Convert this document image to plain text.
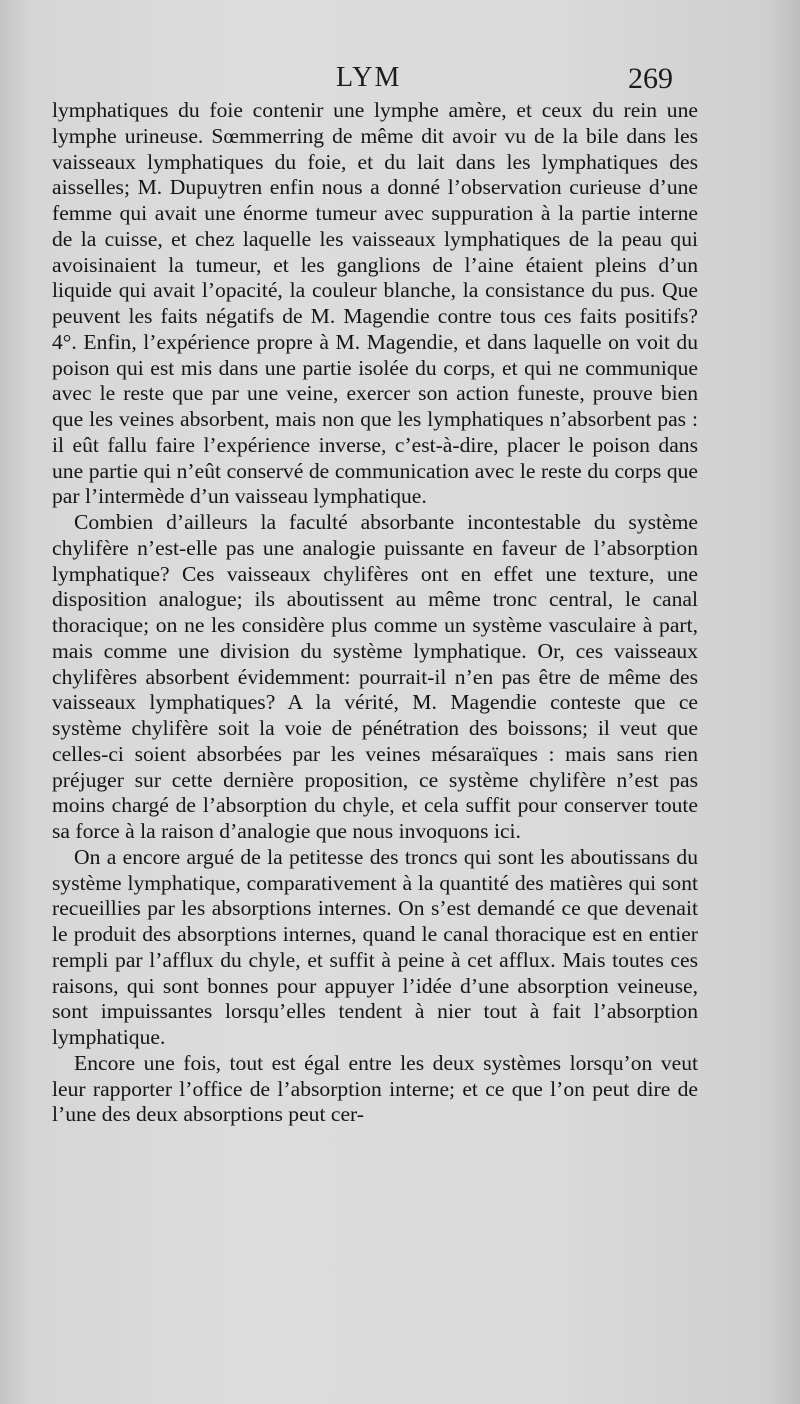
LYM	269

lymphatiques du foie contenir une lymphe amère, et ceux du rein une lymphe urineuse. Sœmmerring de même dit avoir vu de la bile dans les vaisseaux lymphatiques du foie, et du lait dans les lymphatiques des aisselles; M. Dupuytren enfin nous a donné l’observation curieuse d’une femme qui avait une énorme tumeur avec suppuration à la partie interne de la cuisse, et chez laquelle les vaisseaux lymphatiques de la peau qui avoisinaient la tumeur, et les ganglions de l’aine étaient pleins d’un liquide qui avait l’opacité, la couleur blanche, la consistance du pus. Que peuvent les faits négatifs de M. Magendie contre tous ces faits positifs? 4°. Enfin, l’expérience propre à M. Magendie, et dans laquelle on voit du poison qui est mis dans une partie isolée du corps, et qui ne communique avec le reste que par une veine, exercer son action funeste, prouve bien que les veines absorbent, mais non que les lymphatiques n’absorbent pas : il eût fallu faire l’expérience inverse, c’est-à-dire, placer le poison dans une partie qui n’eût conservé de communication avec le reste du corps que par l’intermède d’un vaisseau lymphatique.

Combien d’ailleurs la faculté absorbante incontestable du système chylifère n’est-elle pas une analogie puissante en faveur de l’absorption lymphatique? Ces vaisseaux chylifères ont en effet une texture, une disposition analogue; ils aboutissent au même tronc central, le canal thoracique; on ne les considère plus comme un système vasculaire à part, mais comme une division du système lymphatique. Or, ces vaisseaux chylifères absorbent évidemment: pourrait-il n’en pas être de même des vaisseaux lymphatiques? A la vérité, M. Magendie conteste que ce système chylifère soit la voie de pénétration des boissons; il veut que celles-ci soient absorbées par les veines mésaraïques : mais sans rien préjuger sur cette dernière proposition, ce système chylifère n’est pas moins chargé de l’absorption du chyle, et cela suffit pour conserver toute sa force à la raison d’analogie que nous invoquons ici.

On a encore argué de la petitesse des troncs qui sont les aboutissans du système lymphatique, comparativement à la quantité des matières qui sont recueillies par les absorptions internes. On s’est demandé ce que devenait le produit des absorptions internes, quand le canal thoracique est en entier rempli par l’afflux du chyle, et suffit à peine à cet afflux. Mais toutes ces raisons, qui sont bonnes pour appuyer l’idée d’une absorption veineuse, sont impuissantes lorsqu’elles tendent à nier tout à fait l’absorption lymphatique.

Encore une fois, tout est égal entre les deux systèmes lorsqu’on veut leur rapporter l’office de l’absorption interne; et ce que l’on peut dire de l’une des deux absorptions peut cer-
